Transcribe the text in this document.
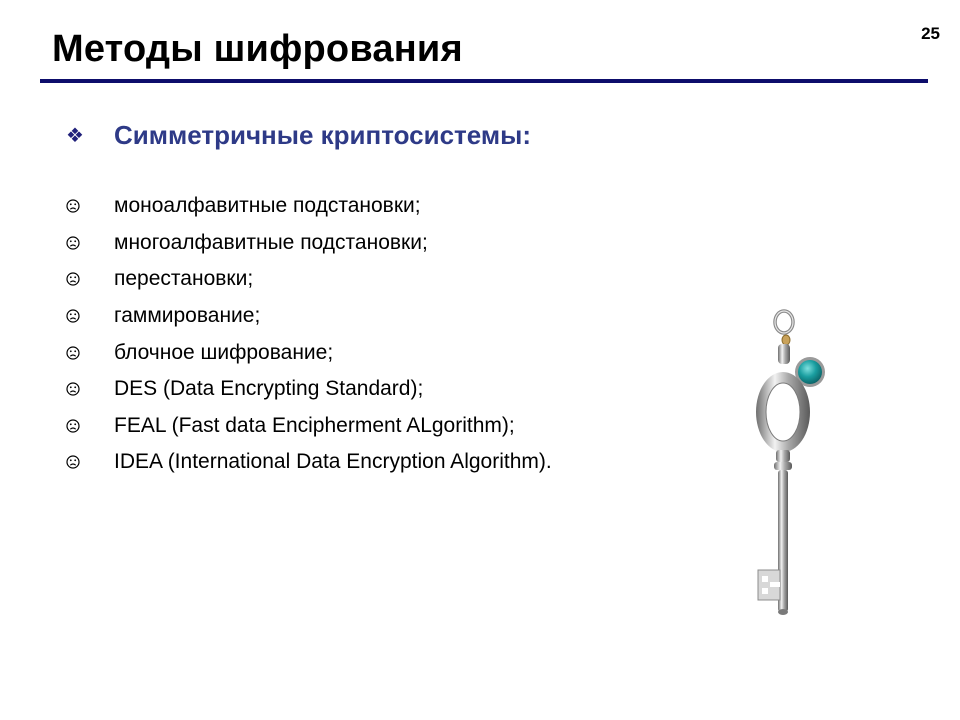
25
Методы шифрования
❖	Симметричные криптосистемы:
моноалфавитные подстановки;
многоалфавитные подстановки;
перестановки;
гаммирование;
блочное шифрование;
DES (Data Encrypting Standard);
FEAL (Fast data Encipherment ALgorithm);
IDEA (International Data Encryption Algorithm).
